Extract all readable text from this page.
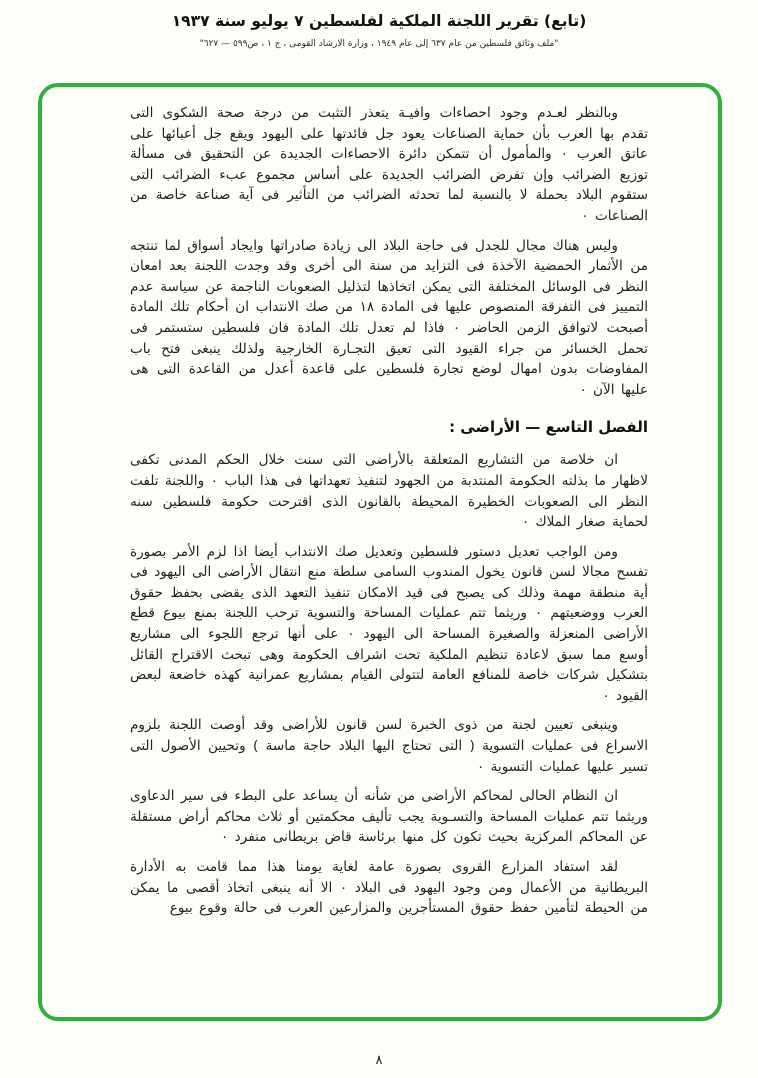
(تابع) تقرير اللجنة الملكية لفلسطين ٧ يوليو سنة ١٩٣٧
"ملف وثائق فلسطين من عام ٦٣٧ إلى عام ١٩٤٩ ، وزارة الارشاد القومى ، ج ١ ، ص٥٩٩ — ٦٢٧"

وبالنظر لعـدم وجود احصاءات وافيـة يتعذر التثبت من درجة صحة الشكوى التى تقدم بها العرب بأن حماية الصناعات يعود جل فائدتها على اليهود ويقع جل أعبائها على عاتق العرب ٠ والمأمول أن تتمكن دائرة الاحصاءات الجديدة عن التحقيق فى مسألة توزيع الضرائب وإن تفرض الضرائب الجديدة على أساس مجموع عبء الضرائب التى ستقوم البلاد بحملة لا بالنسبة لما تحدثه الضرائب من التأثير فى آية صناعة خاصة من الصناعات ٠

وليس هناك مجال للجدل فى حاجة البلاد الى زيادة صادراتها وايجاد أسواق لما تنتجه من الأثمار الحمضية الآخذة فى التزايد من سنة الى أخرى وقد وجدت اللجنة بعد امعان النظر فى الوسائل المختلفة التى يمكن اتخاذها لتذليل الصعوبات الناجمة عن سياسة عدم التمييز فى التفرقة المنصوص عليها فى المادة ١٨ من صك الانتداب ان أحكام تلك المادة أصبحت لاتوافق الزمن الحاضر ٠ فاذا لم تعدل تلك المادة فان فلسطين ستستمر فى تحمل الخسائر من جراء القيود التى تعيق التجـارة الخارجية ولذلك ينبغى فتح باب المفاوضات بدون امهال لوضع تجارة فلسطين على قاعدة أعدل من القاعدة التى هى عليها الآن ٠

الفصل التاسع — الأراضى :

ان خلاصة من التشاريع المتعلقة بالأراضى التى سنت خلال الحكم المدنى تكفى لاظهار ما بذلته الحكومة المنتدبة من الجهود لتنفيذ تعهداتها فى هذا الباب ٠ واللجنة تلفت النظر الى الصعوبات الخطيرة المحيطة بالقانون الذى اقترحت حكومة فلسطين سنه لحماية صغار الملاك ٠

ومن الواجب تعديل دستور فلسطين وتعديل صك الانتداب أيضا اذا لزم الأمر بصورة تفسح مجالا لسن قانون يخول المندوب السامى سلطة منع انتقال الأراضى الى اليهود فى أية منطقة مهمة وذلك كى يصبح فى قيد الامكان تنفيذ التعهد الذى يقضى بحفظ حقوق العرب ووضعيتهم ٠ وريثما تتم عمليات المساحة والتسوية ترحب اللجنة بمنع بيوع قطع الأراضى المنعزلة والصغيرة المساحة الى اليهود ٠ على أنها ترجع اللجوء الى مشاريع أوسع مما سبق لاعادة تنظيم الملكية تحت اشراف الحكومة وهى تبحث الاقتراح القائل بتشكيل شركات خاصة للمنافع العامة لتتولى القيام بمشاريع عمرانية كهذه خاضعة لبعض القيود ٠

وينبغى تعيين لجنة من ذوى الخبرة لسن قانون للأراضى وقد أوصت اللجنة بلزوم الاسراع فى عمليات التسوية ( التى تحتاج اليها البلاد حاجة ماسة ) وتحيين الأصول التى تسير عليها عمليات التسوية ٠

ان النظام الحالى لمحاكم الأراضى من شأنه أن يساعد على البطء فى سير الدعاوى وريثما تتم عمليات المساحة والتسـوية يجب تأليف محكمتين أو ثلاث محاكم أراض مستقلة عن المحاكم المركزية بحيث تكون كل منها برئاسة قاض بريطانى منفرد ٠

لقد استفاد المزارع القروى بصورة عامة لغاية يومنا هذا مما قامت به الأدارة البريطانية من الأعمال ومن وجود اليهود فى البلاد ٠ الا أنه ينبغى اتخاذ أقصى ما يمكن من الحيطة لتأمين حفظ حقوق المستأجرين والمزارعين العرب فى حالة وقوع بيوع

٨
